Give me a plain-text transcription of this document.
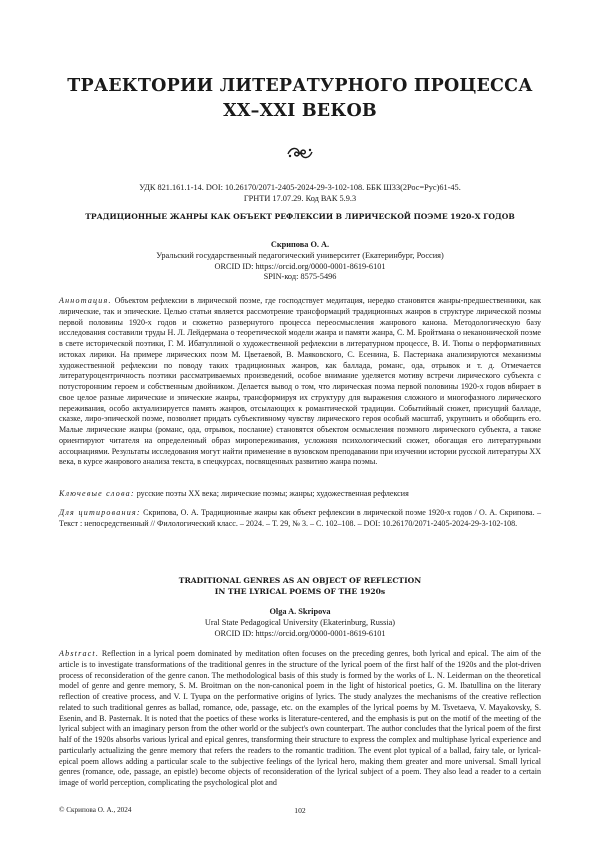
ТРАЕКТОРИИ ЛИТЕРАТУРНОГО ПРОЦЕССА
XX–XXI ВЕКОВ
УДК 821.161.1-14. DOI: 10.26170/2071-2405-2024-29-3-102-108. ББК Ш33(2Рос=Рус)61-45.
ГРНТИ 17.07.29. Код ВАК 5.9.3
ТРАДИЦИОННЫЕ ЖАНРЫ КАК ОБЪЕКТ РЕФЛЕКСИИ В ЛИРИЧЕСКОЙ ПОЭМЕ 1920-Х ГОДОВ
Скрипова О. А.
Уральский государственный педагогический университет (Екатеринбург, Россия)
ORCID ID: https://orcid.org/0000-0001-8619-6101
SPIN-код: 8575-5496
Аннотация. Объектом рефлексии в лирической поэме, где господствует медитация, нередко становятся жанры-предшественники, как лирические, так и эпические. Целью статьи является рассмотрение трансформаций традиционных жанров в структуре лирической поэмы первой половины 1920-х годов и сюжетно развернутого процесса переосмысления жанрового канона. Методологическую базу исследования составили труды Н. Л. Лейдермана о теоретической модели жанра и памяти жанра, С. М. Бройтмана о неканонической поэме в свете исторической поэтики, Г. М. Ибатуллиной о художественной рефлексии в литературном процессе, В. И. Тюпы о перформативных истоках лирики. На примере лирических поэм М. Цветаевой, В. Маяковского, С. Есенина, Б. Пастернака анализируются механизмы художественной рефлексии по поводу таких традиционных жанров, как баллада, романс, ода, отрывок и т. д. Отмечается литературоцентричность поэтики рассматриваемых произведений, особое внимание уделяется мотиву встречи лирического субъекта с потусторонним героем и собственным двойником. Делается вывод о том, что лирическая поэма первой половины 1920-х годов вбирает в свое целое разные лирические и эпические жанры, трансформируя их структуру для выражения сложного и многофазного лирического переживания, особо актуализируется память жанров, отсылающих к романтической традиции. Событийный сюжет, присущий балладе, сказке, лиро-эпической поэме, позволяет придать субъективному чувству лирического героя особый масштаб, укрупнить и обобщить его. Малые лирические жанры (романс, ода, отрывок, послание) становятся объектом осмысления поэмного лирического субъекта, а также ориентируют читателя на определенный образ миропереживания, усложняя психологический сюжет, обогащая его литературными ассоциациями. Результаты исследования могут найти применение в вузовском преподавании при изучении истории русской литературы XX века, в курсе жанрового анализа текста, в спецкурсах, посвященных развитию жанра поэмы.
Ключевые слова: русские поэты XX века; лирические поэмы; жанры; художественная рефлексия
Для цитирования: Скрипова, О. А. Традиционные жанры как объект рефлексии в лирической поэме 1920-х годов / О. А. Скрипова. – Текст : непосредственный // Филологический класс. – 2024. – Т. 29, № 3. – С. 102–108. – DOI: 10.26170/2071-2405-2024-29-3-102-108.
TRADITIONAL GENRES AS AN OBJECT OF REFLECTION
IN THE LYRICAL POEMS OF THE 1920s
Olga A. Skripova
Ural State Pedagogical University (Ekaterinburg, Russia)
ORCID ID: https://orcid.org/0000-0001-8619-6101
Abstract. Reflection in a lyrical poem dominated by meditation often focuses on the preceding genres, both lyrical and epical. The aim of the article is to investigate transformations of the traditional genres in the structure of the lyrical poem of the first half of the 1920s and the plot-driven process of reconsideration of the genre canon. The methodological basis of this study is formed by the works of L. N. Leiderman on the theoretical model of genre and genre memory, S. M. Broitman on the non-canonical poem in the light of historical poetics, G. M. Ibatullina on the literary reflection of creative process, and V. I. Tyupa on the performative origins of lyrics. The study analyzes the mechanisms of the creative reflection related to such traditional genres as ballad, romance, ode, passage, etc. on the examples of the lyrical poems by M. Tsvetaeva, V. Mayakovsky, S. Esenin, and B. Pasternak. It is noted that the poetics of these works is literature-centered, and the emphasis is put on the motif of the meeting of the lyrical subject with an imaginary person from the other world or the subject's own counterpart. The author concludes that the lyrical poem of the first half of the 1920s absorbs various lyrical and epical genres, transforming their structure to express the complex and multiphase lyrical experience and particularly actualizing the genre memory that refers the readers to the romantic tradition. The event plot typical of a ballad, fairy tale, or lyrical-epical poem allows adding a particular scale to the subjective feelings of the lyrical hero, making them greater and more universal. Small lyrical genres (romance, ode, passage, an epistle) become objects of reconsideration of the lyrical subject of a poem. They also lead a reader to a certain image of world perception, complicating the psychological plot and
© Скрипова О. А., 2024	102
